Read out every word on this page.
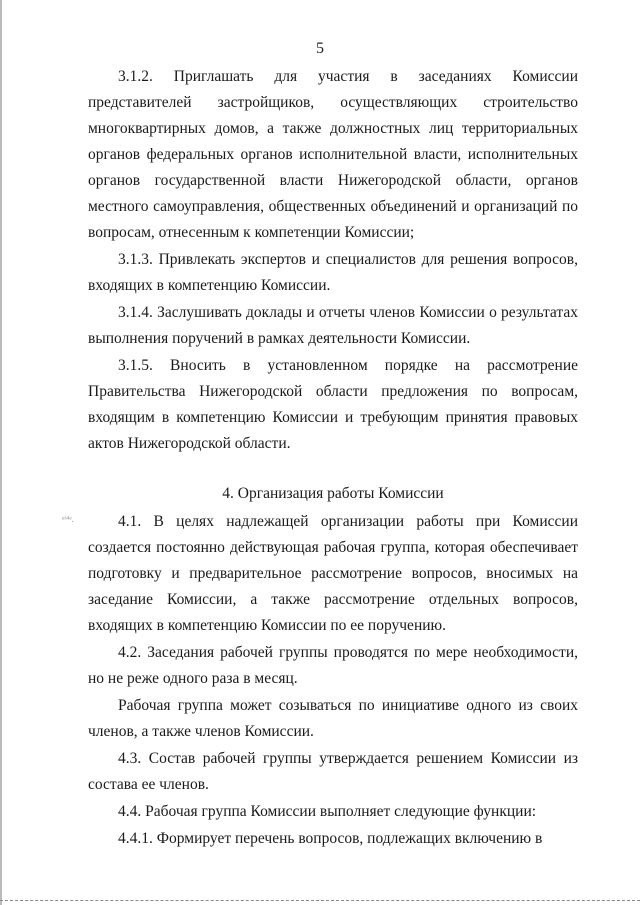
5

3.1.2. Приглашать для участия в заседаниях Комиссии представителей застройщиков, осуществляющих строительство многоквартирных домов, а также должностных лиц территориальных органов федеральных органов исполнительной власти, исполнительных органов государственной власти Нижегородской области, органов местного самоуправления, общественных объединений и организаций по вопросам, отнесенным к компетенции Комиссии;

3.1.3. Привлекать экспертов и специалистов для решения вопросов, входящих в компетенцию Комиссии.

3.1.4. Заслушивать доклады и отчеты членов Комиссии о результатах выполнения поручений в рамках деятельности Комиссии.

3.1.5. Вносить в установленном порядке на рассмотрение Правительства Нижегородской области предложения по вопросам, входящим в компетенцию Комиссии и требующим принятия правовых актов Нижегородской области.

4. Организация работы Комиссии

4.1. В целях надлежащей организации работы при Комиссии создается постоянно действующая рабочая группа, которая обеспечивает подготовку и предварительное рассмотрение вопросов, вносимых на заседание Комиссии, а также рассмотрение отдельных вопросов, входящих в компетенцию Комиссии по ее поручению.

4.2. Заседания рабочей группы проводятся по мере необходимости, но не реже одного раза в месяц.

Рабочая группа может созываться по инициативе одного из своих членов, а также членов Комиссии.

4.3. Состав рабочей группы утверждается решением Комиссии из состава ее членов.

4.4. Рабочая группа Комиссии выполняет следующие функции:

4.4.1. Формирует перечень вопросов, подлежащих включению в

ᵉᶠ⁴ᵉ.
